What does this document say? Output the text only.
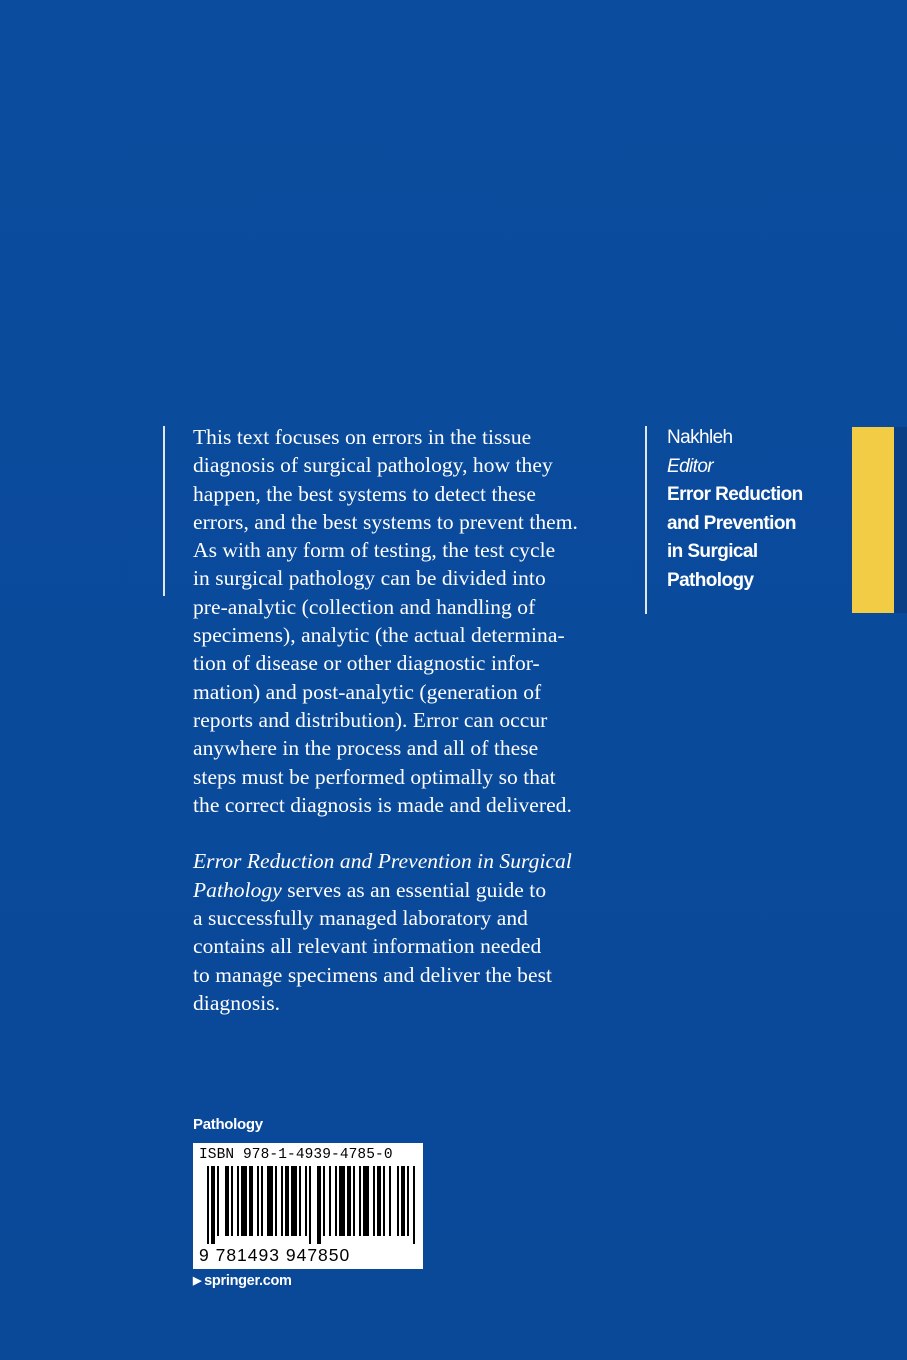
This text focuses on errors in the tissue
diagnosis of surgical pathology, how they
happen, the best systems to detect these
errors, and the best systems to prevent them.
As with any form of testing, the test cycle
in surgical pathology can be divided into
pre-analytic (collection and handling of
specimens), analytic (the actual determina-
tion of disease or other diagnostic infor-
mation) and post-analytic (generation of
reports and distribution). Error can occur
anywhere in the process and all of these
steps must be performed optimally so that
the correct diagnosis is made and delivered.
Error Reduction and Prevention in Surgical
Pathology serves as an essential guide to
a successfully managed laboratory and
contains all relevant information needed
to manage specimens and deliver the best
diagnosis.
Nakhleh
Editor
Error Reduction
and Prevention
in Surgical
Pathology
Pathology
ISBN 978-1-4939-4785-0
9 781493 947850
▶ springer.com
